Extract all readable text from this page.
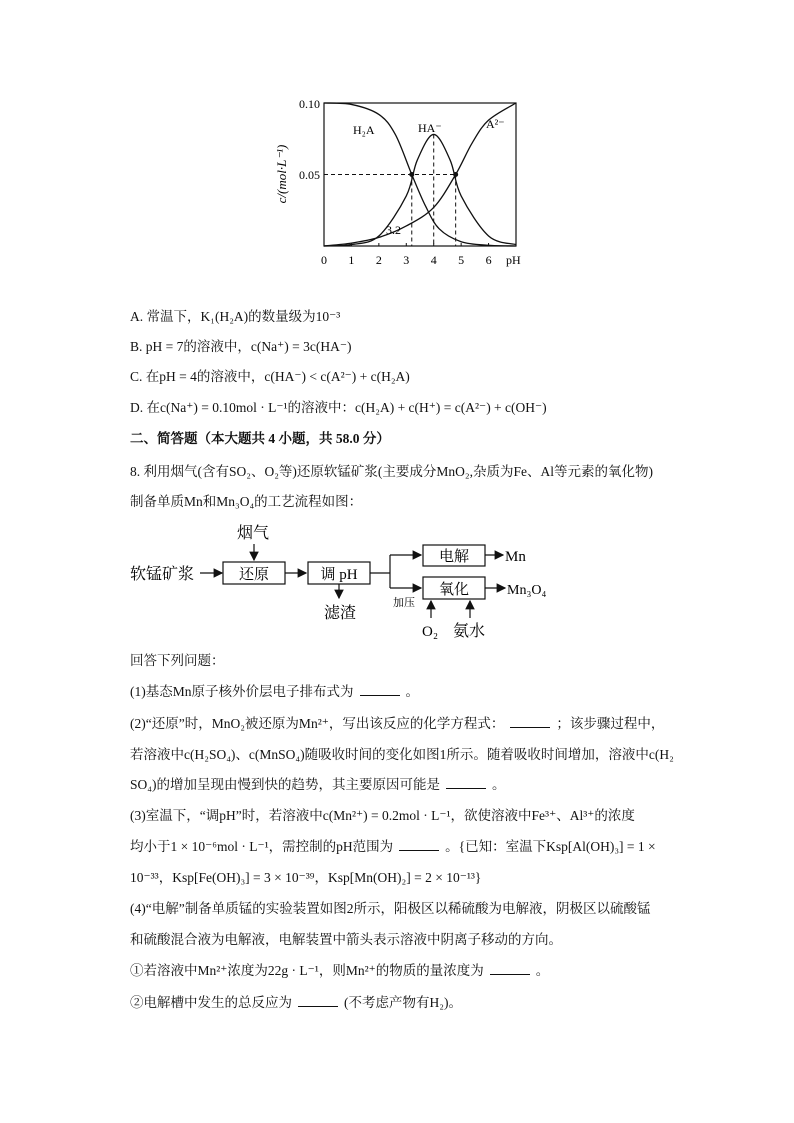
c/(mol·L⁻¹)
0.10
0.05
0 1 2 3 4 5 6 pH
3.2
H₂A	HA⁻	A²⁻
A. 常温下，K₁(H₂A)的数量级为10⁻³
B. pH = 7的溶液中，c(Na⁺) = 3c(HA⁻)
C. 在pH = 4的溶液中，c(HA⁻) < c(A²⁻) + c(H₂A)
D. 在c(Na⁺) = 0.10mol · L⁻¹的溶液中：c(H₂A) + c(H⁺) = c(A²⁻) + c(OH⁻)
二、简答题（本大题共 4 小题，共 58.0 分）
8. 利用烟气(含有SO₂、O₂等)还原软锰矿浆(主要成分MnO₂,杂质为Fe、Al等元素的氧化物)
制备单质Mn和Mn₃O₄的工艺流程如图：
软锰矿浆
烟气
还原	调 pH
滤渣
加压
电解 Mn
氧化	Mn₃O₄
O₂ 氨水
回答下列问题：
(1)基态Mn原子核外价层电子排布式为	。
(2)“还原”时，MnO₂被还原为Mn²⁺，写出该反应的化学方程式：	；该步骤过程中，
若溶液中c(H₂SO₄)、c(MnSO₄)随吸收时间的变化如图1所示。随着吸收时间增加，溶液中c(H₂
SO₄)的增加呈现由慢到快的趋势，其主要原因可能是	。
(3)室温下，“调pH”时，若溶液中c(Mn²⁺) = 0.2mol · L⁻¹，欲使溶液中Fe³⁺、Al³⁺的浓度
均小于1 × 10⁻⁶mol · L⁻¹，需控制的pH范围为	。{已知：室温下Ksp[Al(OH)₃] = 1 ×
10⁻³³，Ksp[Fe(OH)₃] = 3 × 10⁻³⁹，Ksp[Mn(OH)₂] = 2 × 10⁻¹³}
(4)“电解”制备单质锰的实验装置如图2所示，阳极区以稀硫酸为电解液，阴极区以硫酸锰
和硫酸混合液为电解液，电解装置中箭头表示溶液中阴离子移动的方向。
①若溶液中Mn²⁺浓度为22g · L⁻¹，则Mn²⁺的物质的量浓度为	。
②电解槽中发生的总反应为	(不考虑产物有H₂)。
